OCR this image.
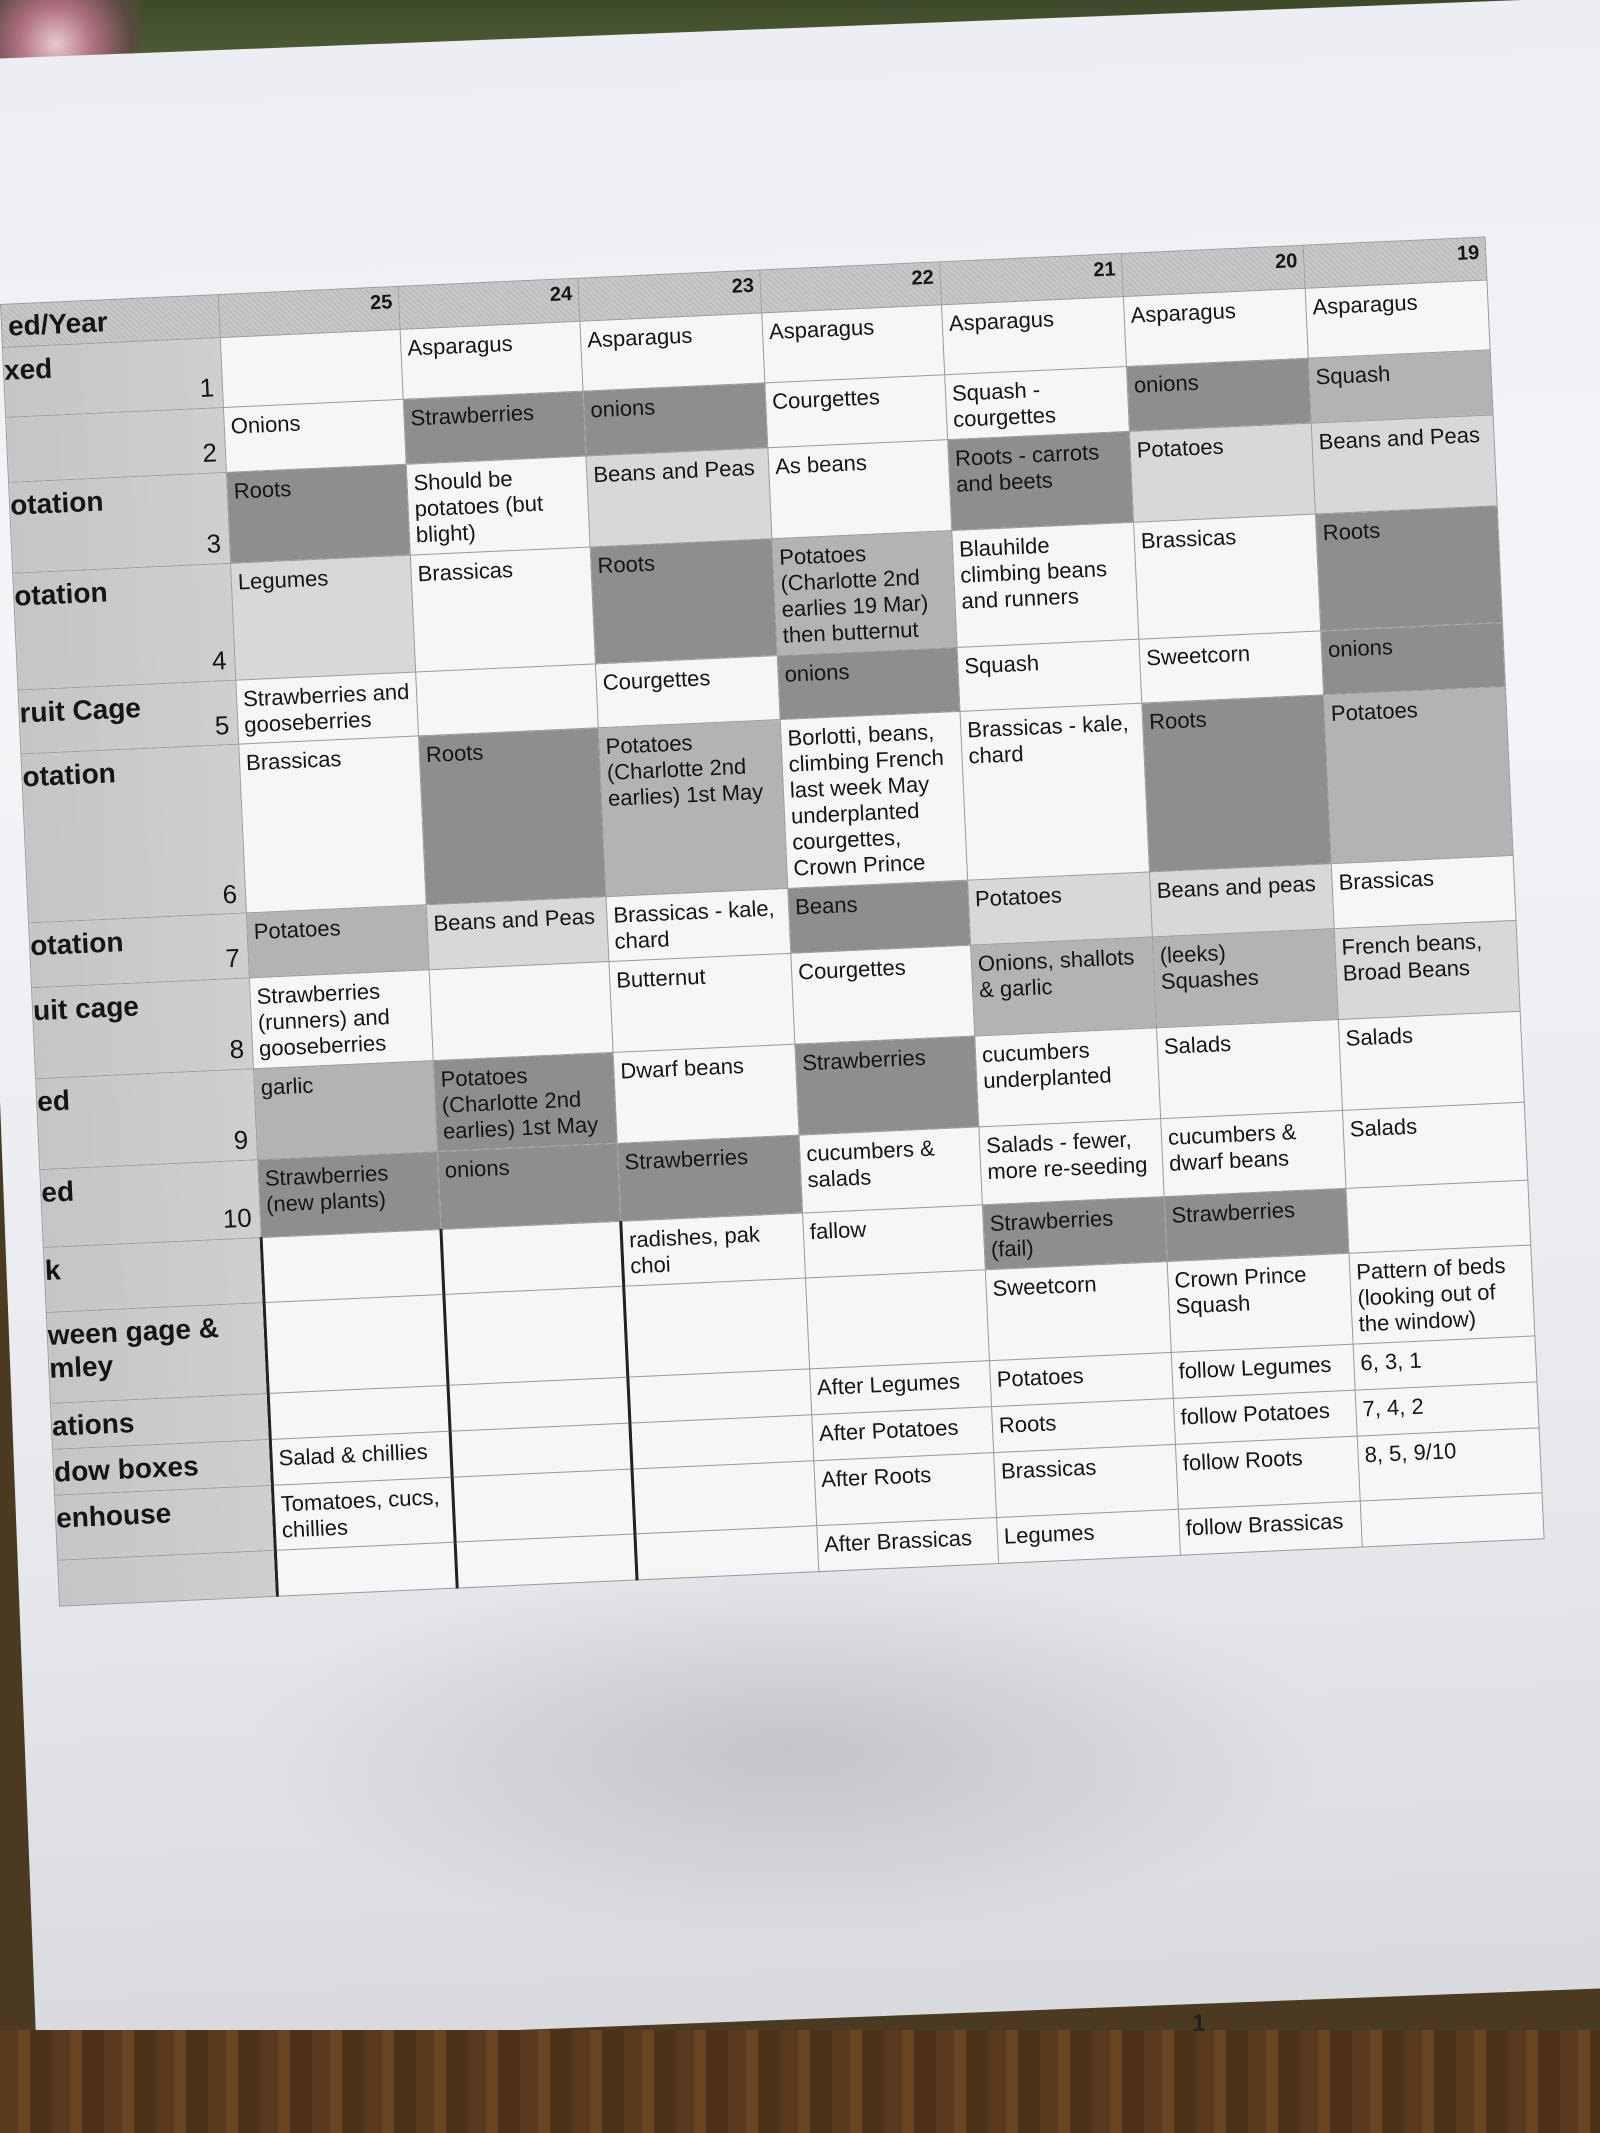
ed/Year	25	24	23	22	21	20	19

xed
1		Asparagus	Asparagus	Asparagus	Asparagus	Asparagus	Asparagus

2	Onions	Strawberries	onions	Courgettes	Squash - courgettes	onions	Squash

otation
3	Roots	Should be potatoes (but blight)	Beans and Peas	As beans	Roots - carrots and beets	Potatoes	Beans and Peas

otation
4	Legumes	Brassicas	Roots	Potatoes (Charlotte 2nd earlies 19 Mar) then butternut	Blauhilde climbing beans and runners	Brassicas	Roots

ruit Cage 5	Strawberries and gooseberries		Courgettes	onions	Squash	Sweetcorn	onions

otation
6	Brassicas	Roots	Potatoes (Charlotte 2nd earlies) 1st May	Borlotti, beans, climbing French last week May underplanted courgettes, Crown Prince	Brassicas - kale, chard	Roots	Potatoes

otation 7	Potatoes	Beans and Peas	Brassicas - kale, chard	Beans	Potatoes	Beans and peas	Brassicas

uit cage
8	Strawberries (runners) and gooseberries		Butternut	Courgettes	Onions, shallots & garlic	(leeks) Squashes	French beans, Broad Beans

ed
9	garlic	Potatoes (Charlotte 2nd earlies) 1st May	Dwarf beans	Strawberries	cucumbers underplanted	Salads	Salads

ed
10	Strawberries (new plants)	onions	Strawberries	cucumbers & salads	Salads - fewer, more re-seeding	cucumbers & dwarf beans	Salads

k			radishes, pak choi	fallow	Strawberries (fail)	Strawberries	

ween gage & mley					Sweetcorn	Crown Prince Squash	Pattern of beds (looking out of the window)

ations				After Legumes	Potatoes	follow Legumes	6, 3, 1

dow boxes	Salad & chillies			After Potatoes	Roots	follow Potatoes	7, 4, 2

enhouse	Tomatoes, cucs, chillies			After Roots	Brassicas	follow Roots	8, 5, 9/10

				After Brassicas	Legumes	follow Brassicas	
1
